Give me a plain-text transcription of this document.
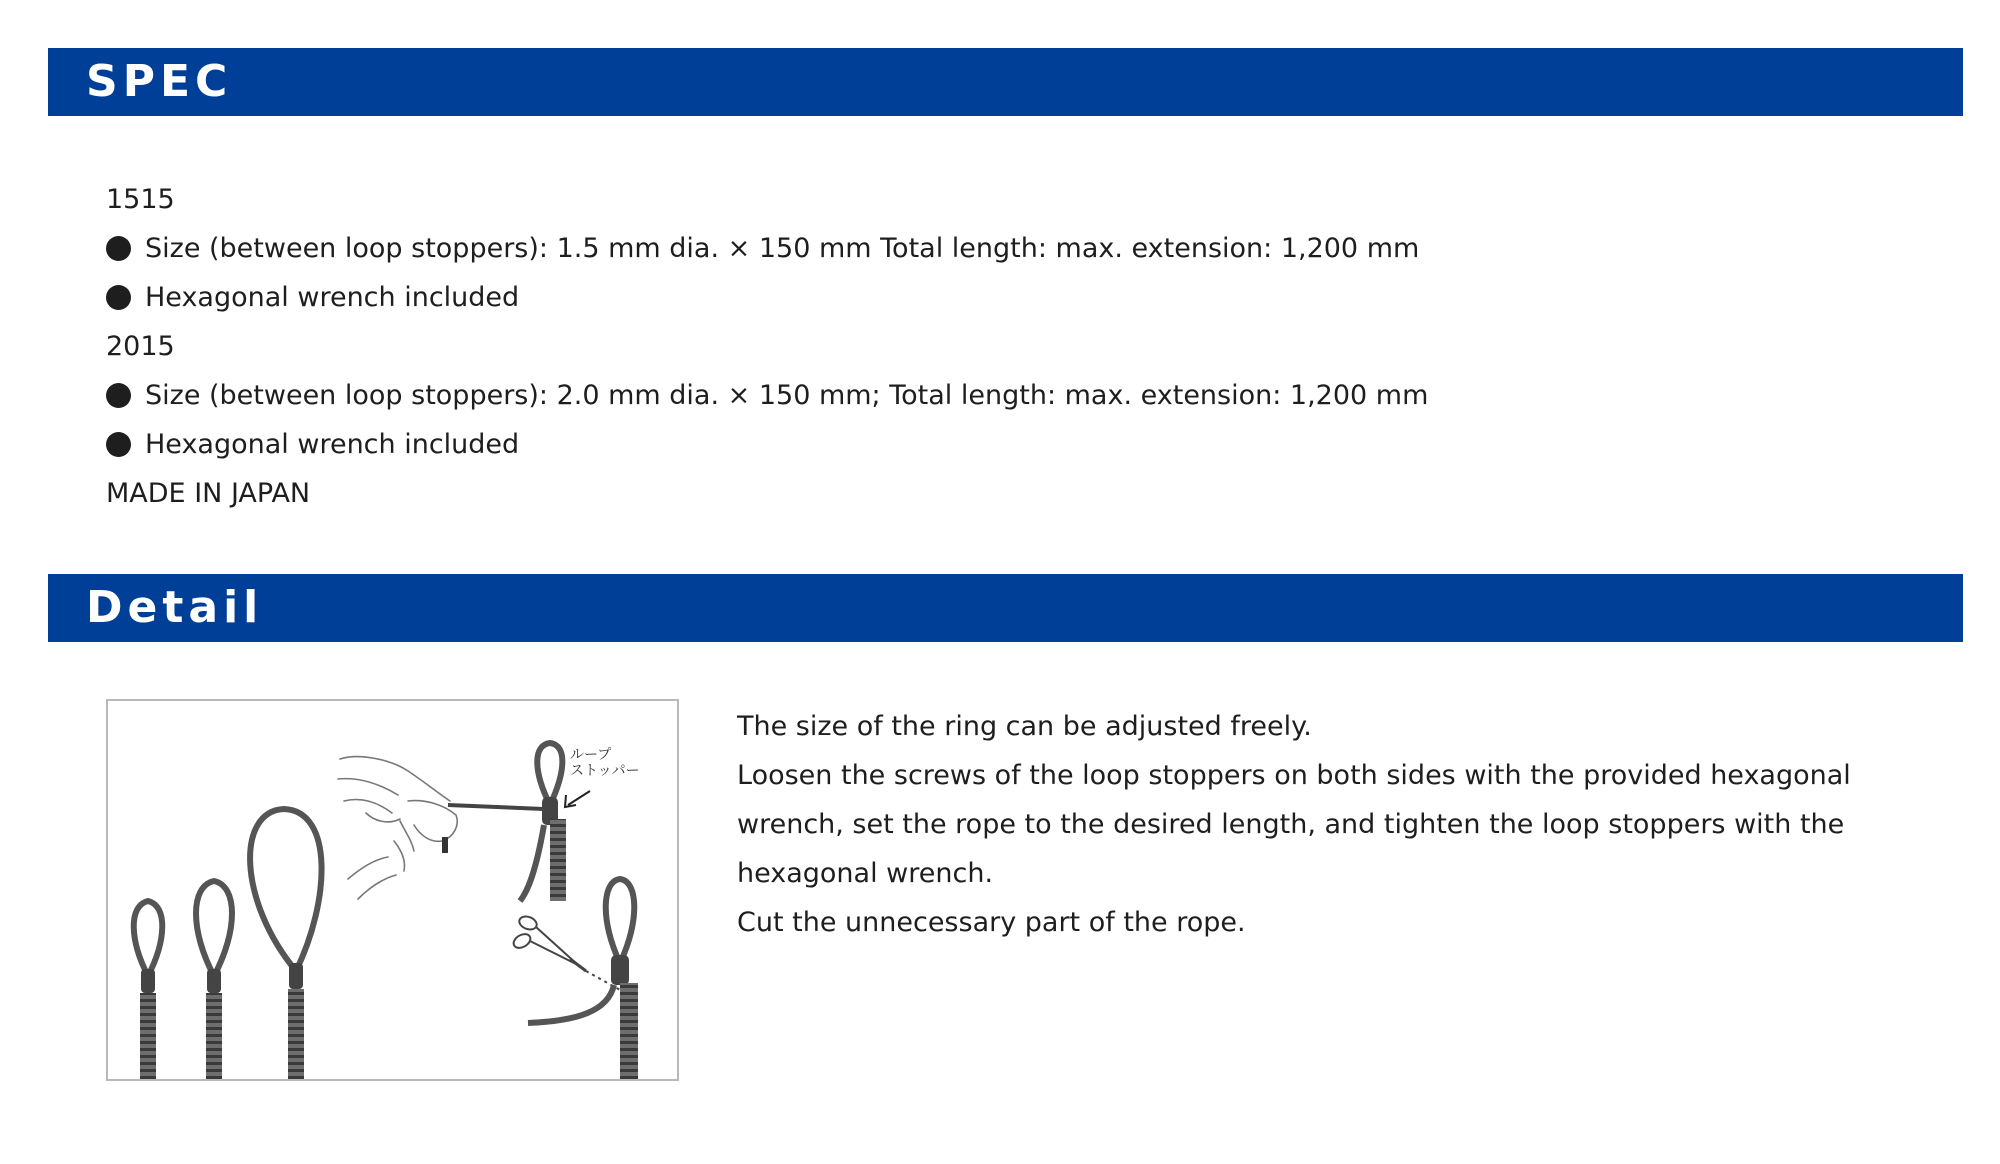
SPEC
1515
Size (between loop stoppers): 1.5 mm dia. × 150 mm Total length: max. extension: 1,200 mm
Hexagonal wrench included
2015
Size (between loop stoppers): 2.0 mm dia. × 150 mm; Total length: max. extension: 1,200 mm
Hexagonal wrench included
MADE IN JAPAN
Detail
ループ
ストッパー

The size of the ring can be adjusted freely.

Loosen the screws of the loop stoppers on both sides with the provided hexagonal

wrench, set the rope to the desired length, and tighten the loop stoppers with the

hexagonal wrench.

Cut the unnecessary part of the rope.
